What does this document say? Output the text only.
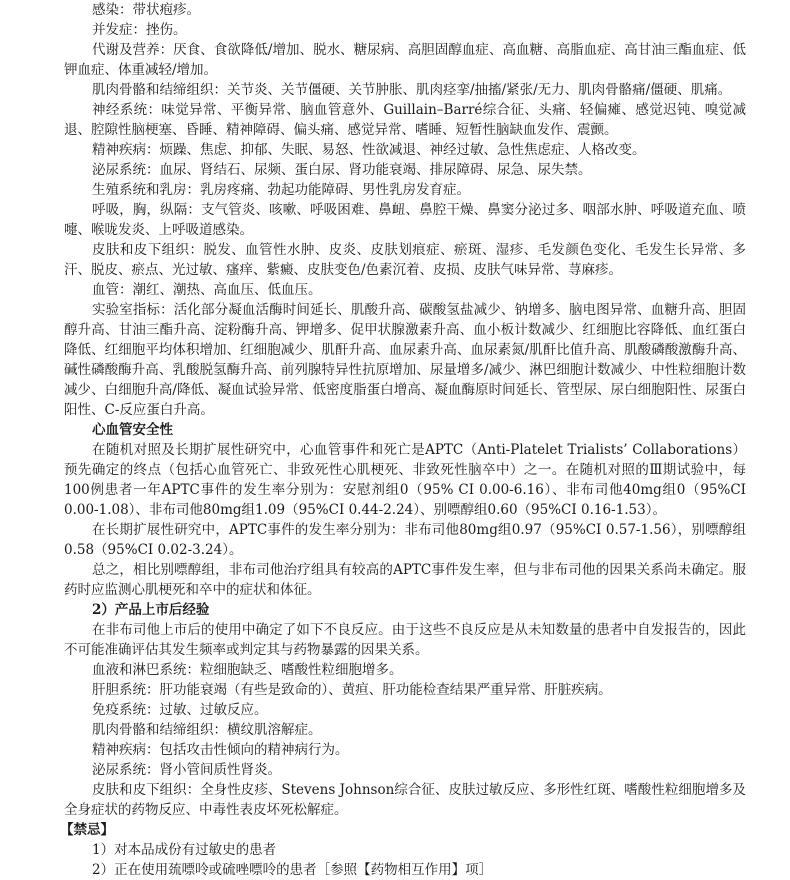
感染：带状疱疹。

并发症：挫伤。

代谢及营养：厌食、食欲降低/增加、脱水、糖尿病、高胆固醇血症、高血糖、高脂血症、高甘油三酯血症、低钾血症、体重减轻/增加。

肌肉骨骼和结缔组织：关节炎、关节僵硬、关节肿胀、肌肉痉挛/抽搐/紧张/无力、肌肉骨骼痛/僵硬、肌痛。

神经系统：味觉异常、平衡异常、脑血管意外、Guillain–Barré综合征、头痛、轻偏瘫、感觉迟钝、嗅觉减退、腔隙性脑梗塞、昏睡、精神障碍、偏头痛、感觉异常、嗜睡、短暂性脑缺血发作、震颤。

精神疾病：烦躁、焦虑、抑郁、失眠、易怒、性欲减退、神经过敏、急性焦虑症、人格改变。

泌尿系统：血尿、肾结石、尿频、蛋白尿、肾功能衰竭、排尿障碍、尿急、尿失禁。

生殖系统和乳房：乳房疼痛、勃起功能障碍、男性乳房发育症。

呼吸，胸，纵隔：支气管炎、咳嗽、呼吸困难、鼻衄、鼻腔干燥、鼻窦分泌过多、咽部水肿、呼吸道充血、喷嚏、喉咙发炎、上呼吸道感染。

皮肤和皮下组织：脱发、血管性水肿、皮炎、皮肤划痕症、瘀斑、湿疹、毛发颜色变化、毛发生长异常、多汗、脱皮、瘀点、光过敏、瘙痒、紫癜、皮肤变色/色素沉着、皮损、皮肤气味异常、荨麻疹。

血管：潮红、潮热、高血压、低血压。

实验室指标：活化部分凝血活酶时间延长、肌酸升高、碳酸氢盐减少、钠增多、脑电图异常、血糖升高、胆固醇升高、甘油三酯升高、淀粉酶升高、钾增多、促甲状腺激素升高、血小板计数减少、红细胞比容降低、血红蛋白降低、红细胞平均体积增加、红细胞减少、肌酐升高、血尿素升高、血尿素氮/肌酐比值升高、肌酸磷酸激酶升高、碱性磷酸酶升高、乳酸脱氢酶升高、前列腺特异性抗原增加、尿量增多/减少、淋巴细胞计数减少、中性粒细胞计数减少、白细胞升高/降低、凝血试验异常、低密度脂蛋白增高、凝血酶原时间延长、管型尿、尿白细胞阳性、尿蛋白阳性、C-反应蛋白升高。

心血管安全性

在随机对照及长期扩展性研究中，心血管事件和死亡是APTC（Anti-Platelet Trialists’ Collaborations）预先确定的终点（包括心血管死亡、非致死性心肌梗死、非致死性脑卒中）之一。在随机对照的Ⅲ期试验中，每100例患者一年APTC事件的发生率分别为：安慰剂组0（95% CI 0.00-6.16）、非布司他40mg组0（95%CI 0.00-1.08）、非布司他80mg组1.09（95%CI 0.44-2.24）、别嘌醇组0.60（95%CI 0.16-1.53）。

在长期扩展性研究中，APTC事件的发生率分别为：非布司他80mg组0.97（95%CI 0.57-1.56），别嘌醇组0.58（95%CI 0.02-3.24）。

总之，相比别嘌醇组，非布司他治疗组具有较高的APTC事件发生率，但与非布司他的因果关系尚未确定。服药时应监测心肌梗死和卒中的症状和体征。

2）产品上市后经验

在非布司他上市后的使用中确定了如下不良反应。由于这些不良反应是从未知数量的患者中自发报告的，因此不可能准确评估其发生频率或判定其与药物暴露的因果关系。

血液和淋巴系统：粒细胞缺乏、嗜酸性粒细胞增多。

肝胆系统：肝功能衰竭（有些是致命的）、黄疸、肝功能检查结果严重异常、肝脏疾病。

免疫系统：过敏、过敏反应。

肌肉骨骼和结缔组织：横纹肌溶解症。

精神疾病：包括攻击性倾向的精神病行为。

泌尿系统：肾小管间质性肾炎。

皮肤和皮下组织：全身性皮疹、Stevens Johnson综合征、皮肤过敏反应、多形性红斑、嗜酸性粒细胞增多及全身症状的药物反应、中毒性表皮坏死松解症。

【禁忌】

1）对本品成份有过敏史的患者

2）正在使用巯嘌呤或硫唑嘌呤的患者［参照【药物相互作用】项］
